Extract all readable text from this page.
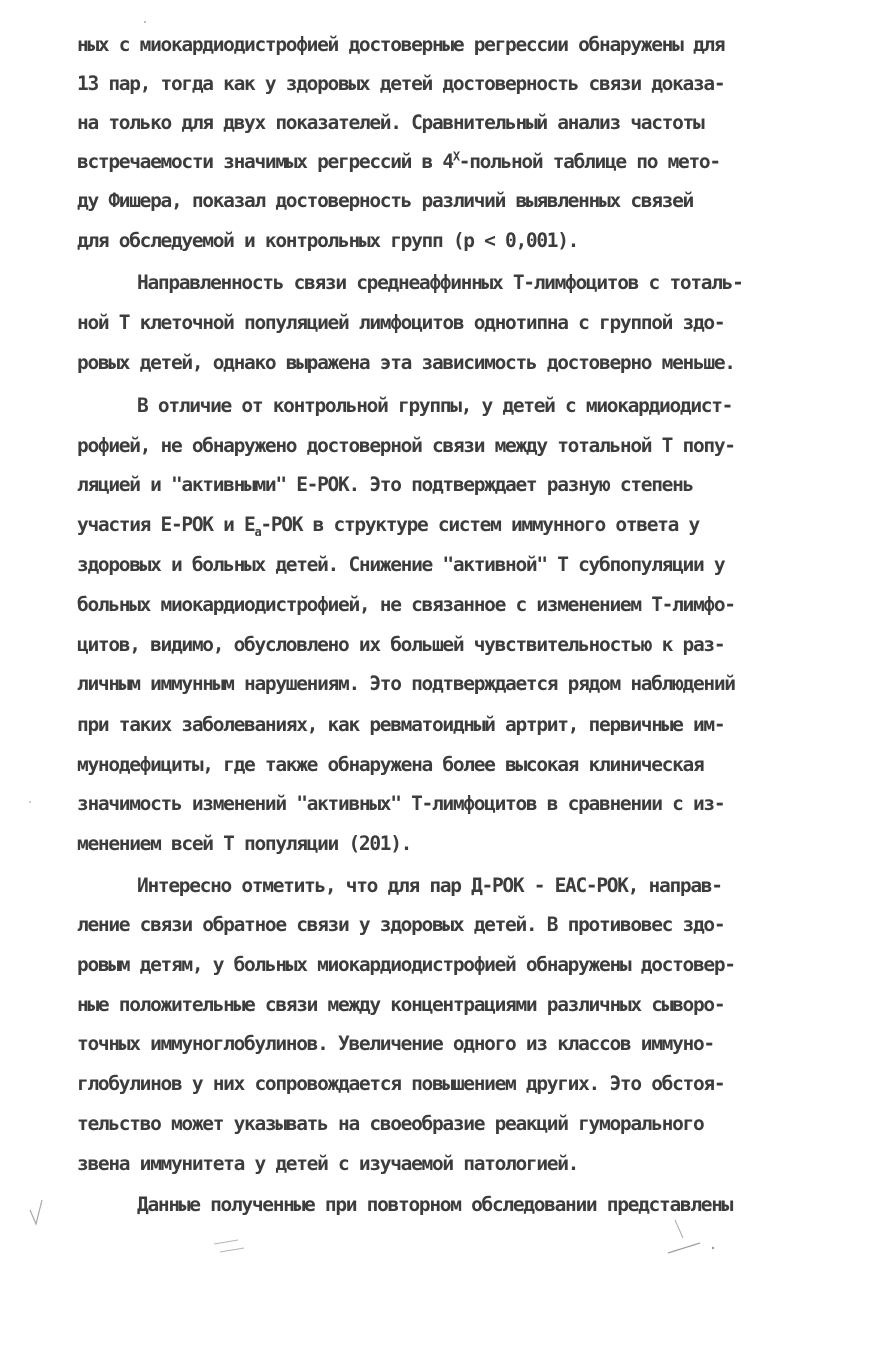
ных с миокардиодистрофией достоверные регрессии обнаружены для
13 пар, тогда как у здоровых детей достоверность связи доказа-
на только для двух показателей. Сравнительный анализ частоты
встречаемости значимых регрессий в $4^X$-польной таблице по мето-
ду Фишера, показал достоверность различий выявленных связей
для обследуемой и контрольных групп (p < 0,001).
Направленность связи среднеаффинных Т-лимфоцитов с тоталь-
ной Т клеточной популяцией лимфоцитов однотипна с группой здо-
ровых детей, однако выражена эта зависимость достоверно меньше.
В отличие от контрольной группы, у детей с миокардиодист-
рофией, не обнаружено достоверной связи между тотальной Т попу-
ляцией и "активными" Е-РОК. Это подтверждает разную степень
участия Е-РОК и $Е_а$-РОК в структуре систем иммунного ответа у
здоровых и больных детей. Снижение "активной" Т субпопуляции у
больных миокардиодистрофией, не связанное с изменением Т-лимфо-
цитов, видимо, обусловлено их большей чувствительностью к раз-
личным иммунным нарушениям. Это подтверждается рядом наблюдений
при таких заболеваниях, как ревматоидный артрит, первичные им-
мунодефициты, где также обнаружена более высокая клиническая
значимость изменений "активных" Т-лимфоцитов в сравнении с из-
менением всей Т популяции (201).
Интересно отметить, что для пар Д-РОК - ЕАС-РОК, направ-
ление связи обратное связи у здоровых детей. В противовес здо-
ровым детям, у больных миокардиодистрофией обнаружены достовер-
ные положительные связи между концентрациями различных сыворо-
точных иммуноглобулинов. Увеличение одного из классов иммуно-
глобулинов у них сопровождается повышением других. Это обстоя-
тельство может указывать на своеобразие реакций гуморального
звена иммунитета у детей с изучаемой патологией.
Данные полученные при повторном обследовании представлены
